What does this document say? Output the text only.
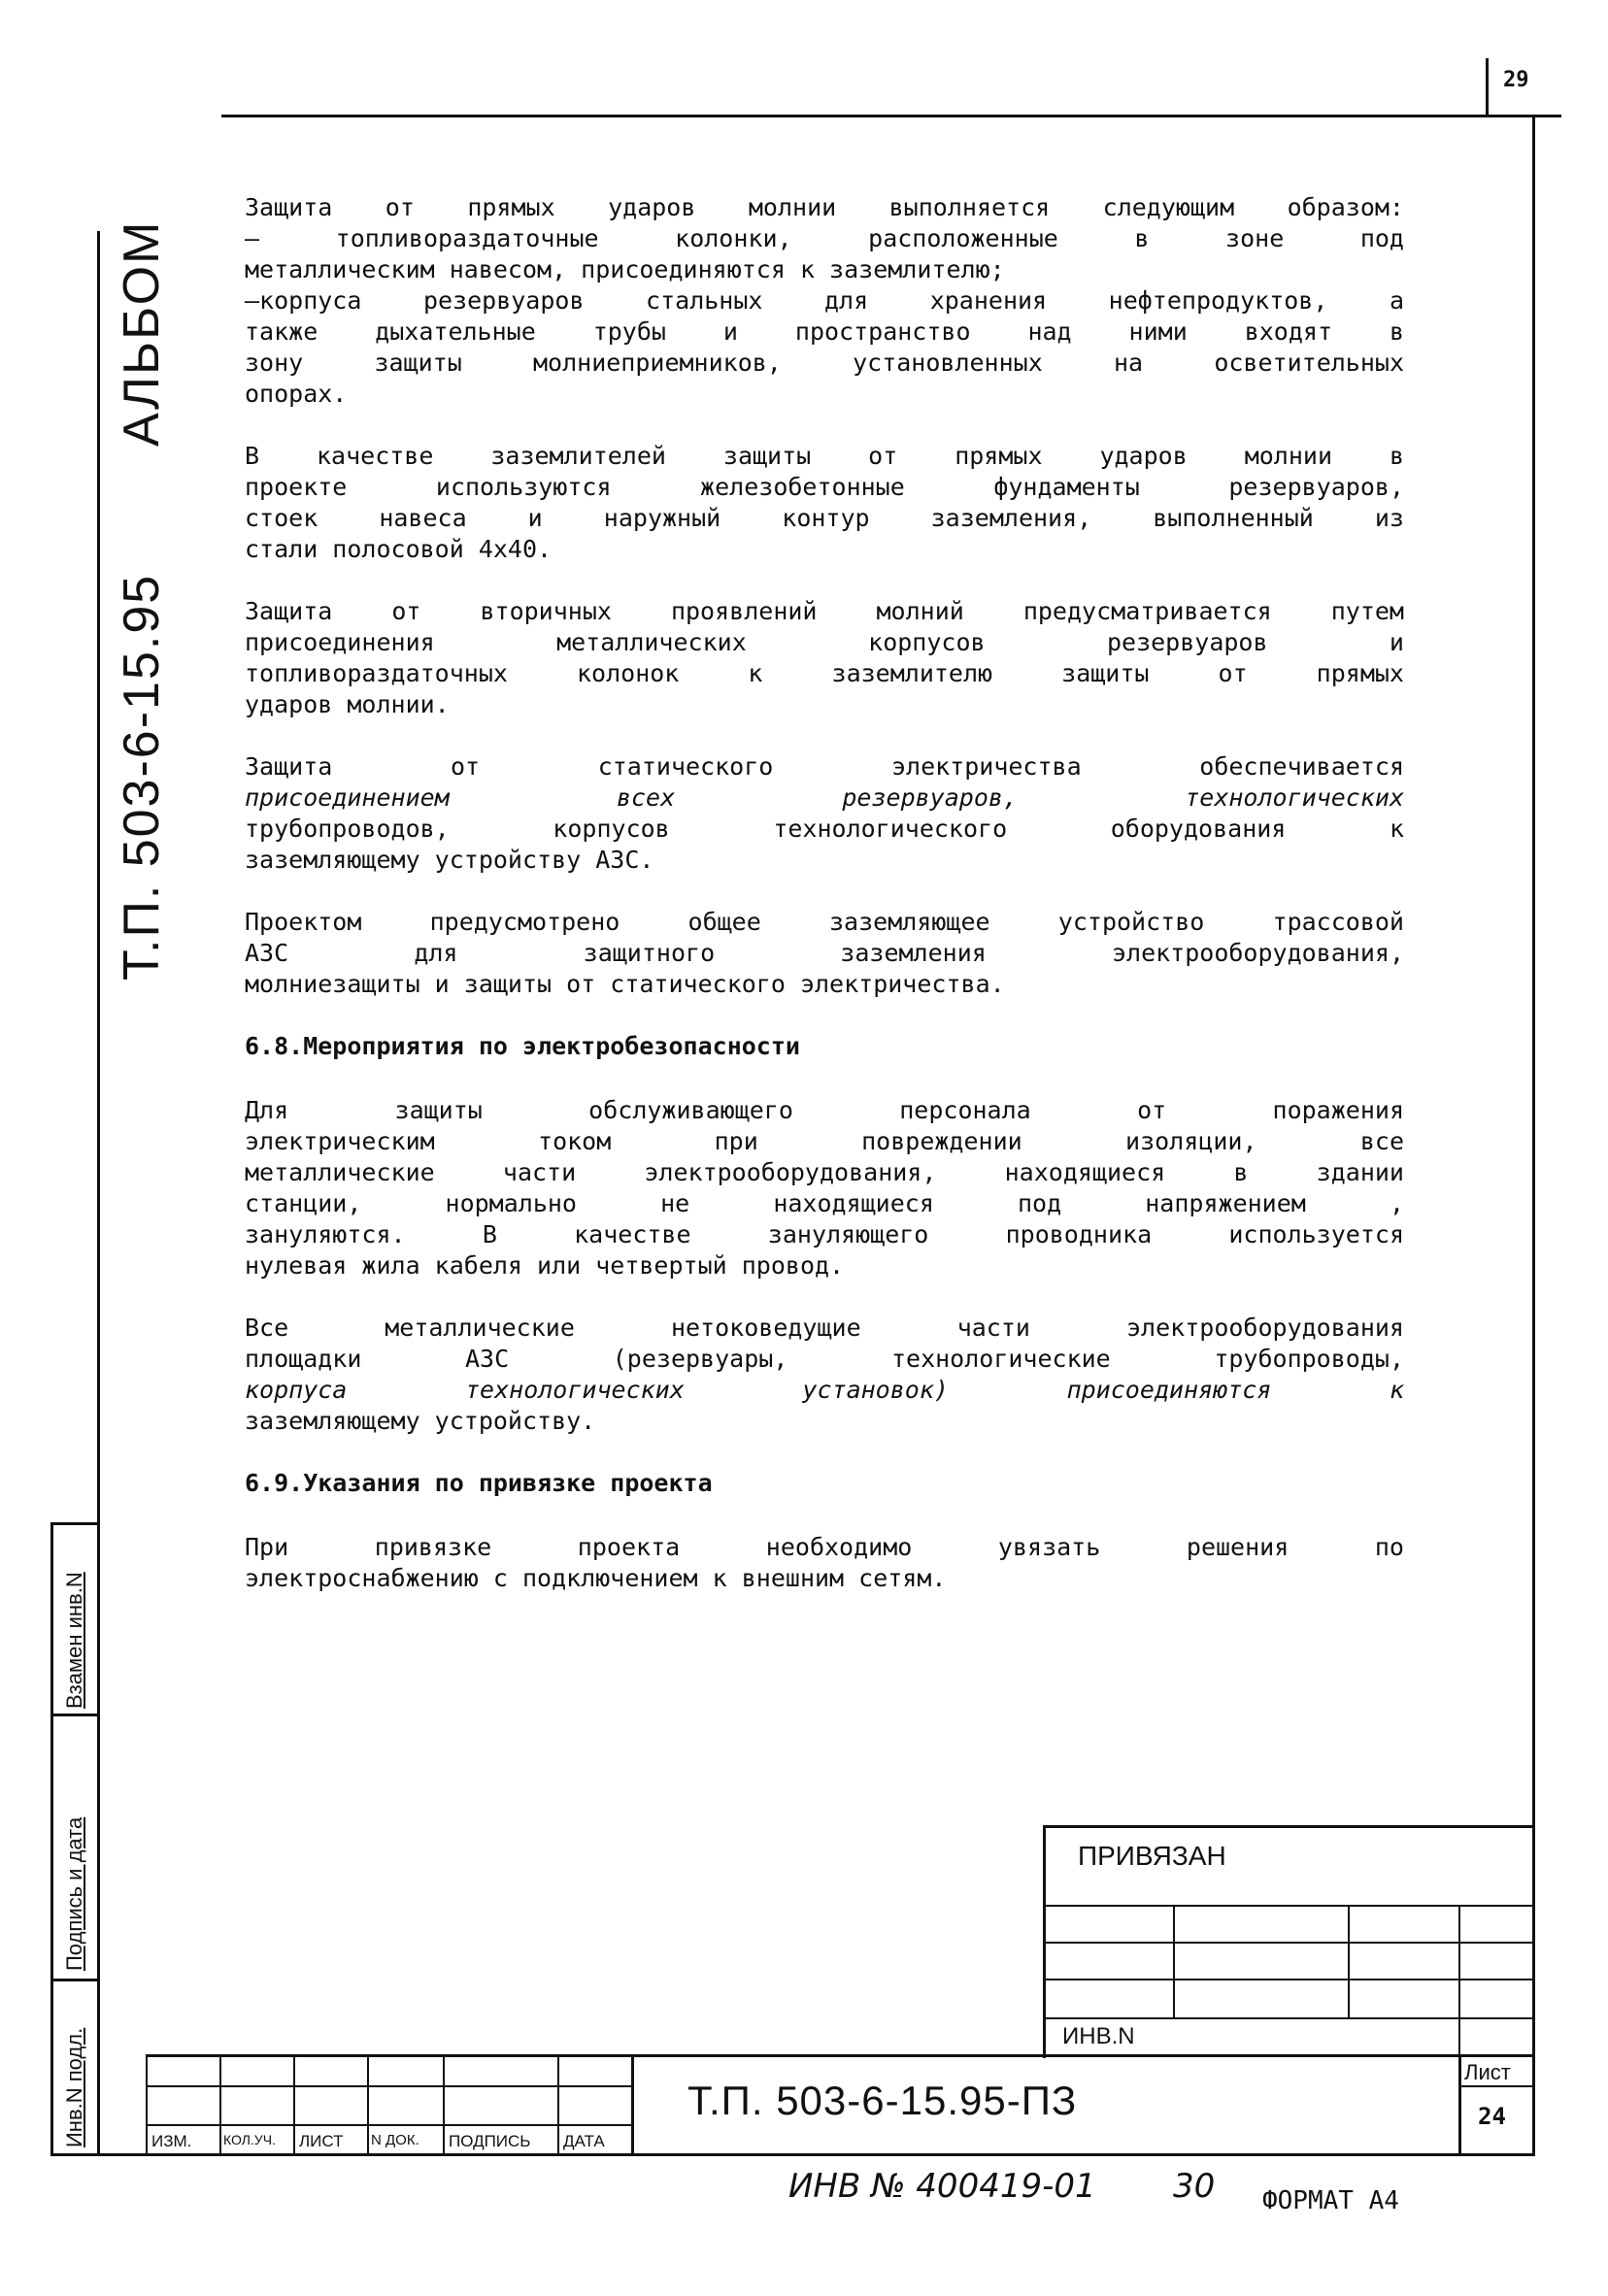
29
АЛЬБОМ
Т.П. 503-6-15.95
Взамен инв.N
Подпись и дата
Инв.N подл.
Защита от прямых ударов молнии выполняется следующим образом:
– топливораздаточные колонки, расположенные в зоне под
металлическим навесом, присоединяются к заземлителю;
–корпуса резервуаров стальных для хранения нефтепродуктов, а
также дыхательные трубы и пространство над ними входят в
зону защиты молниеприемников, установленных на осветительных
опорах.
В качестве заземлителей защиты от прямых ударов молнии в
проекте используются железобетонные фундаменты резервуаров,
стоек навеса и наружный контур заземления, выполненный из
стали полосовой 4х40.
Защита от вторичных проявлений молний предусматривается путем
присоединения металлических корпусов резервуаров и
топливораздаточных колонок к заземлителю защиты от прямых
ударов молнии.
Защита от статического электричества обеспечивается
присоединением всех резервуаров, технологических
трубопроводов, корпусов технологического оборудования к
заземляющему устройству АЗС.
Проектом предусмотрено общее заземляющее устройство трассовой
АЗС для защитного заземления электрооборудования,
молниезащиты и защиты от статического электричества.
6.8.Мероприятия по электробезопасности
Для защиты обслуживающего персонала от поражения
электрическим током при повреждении изоляции, все
металлические части электрооборудования, находящиеся в здании
станции, нормально не находящиеся под напряжением ,
зануляются. В качестве зануляющего проводника используется
нулевая жила кабеля или четвертый провод.
Все металлические нетоковедущие части электрооборудования
площадки АЗС (резервуары, технологические трубопроводы,
корпуса технологических установок) присоединяются к
заземляющему устройству.
6.9.Указания по привязке проекта
При привязке проекта необходимо увязать решения по
электроснабжению с подключением к внешним сетям.
ПРИВЯЗАН
ИНВ.N
ИЗМ. КОЛ.УЧ. ЛИСТ N ДОК. ПОДПИСЬ ДАТА
Т.П. 503-6-15.95-ПЗ
Лист
24
ИНВ № 400419-01 30 ФОРМАТ А4
